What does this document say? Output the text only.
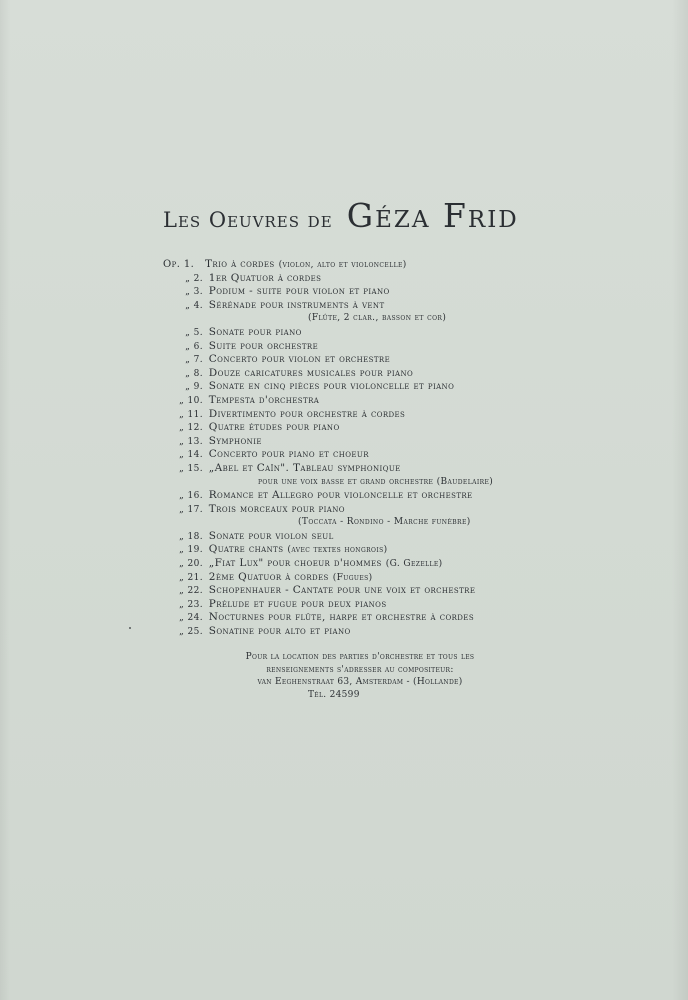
Les Oeuvres de Géza Frid
Op. 1. Trio à cordes (violon, alto et violoncelle)
„ 2. 1er Quatuor à cordes
„ 3. Podium - suite pour violon et piano
„ 4. Sérénade pour instruments à vent
(Flûte, 2 clar., basson et cor)
„ 5. Sonate pour piano
„ 6. Suite pour orchestre
„ 7. Concerto pour violon et orchestre
„ 8. Douze caricatures musicales pour piano
„ 9. Sonate en cinq pièces pour violoncelle et piano
„ 10. Tempesta d'orchestra
„ 11. Divertimento pour orchestre à cordes
„ 12. Quatre études pour piano
„ 13. Symphonie
„ 14. Concerto pour piano et choeur
„ 15. „Abel et Caïn". Tableau symphonique
pour une voix basse et grand orchestre (Baudelaire)
„ 16. Romance et Allegro pour violoncelle et orchestre
„ 17. Trois morceaux pour piano
(Toccata - Rondino - Marche funèbre)
„ 18. Sonate pour violon seul
„ 19. Quatre chants (avec textes hongrois)
„ 20. „Fiat Lux" pour choeur d'hommes (G. Gezelle)
„ 21. 2ème Quatuor à cordes (Fugues)
„ 22. Schopenhauer - Cantate pour une voix et orchestre
„ 23. Prélude et fugue pour deux pianos
„ 24. Nocturnes pour flûte, harpe et orchestre à cordes
„ 25. Sonatine pour alto et piano
Pour la location des parties d'orchestre et tous les
renseignements s'adresser au compositeur:
van Eeghenstraat 63, Amsterdam - (Hollande)
Tél. 24599
